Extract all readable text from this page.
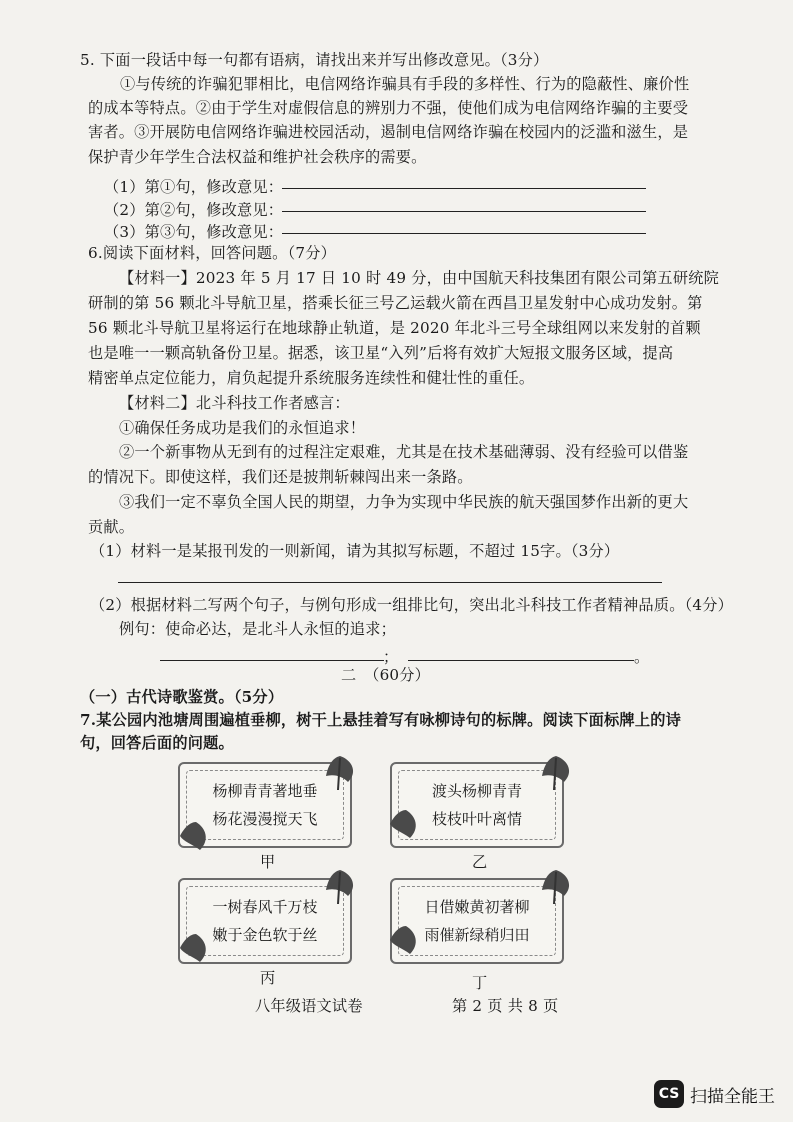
5. 下面一段话中每一句都有语病，请找出来并写出修改意见。（3分）
①与传统的诈骗犯罪相比，电信网络诈骗具有手段的多样性、行为的隐蔽性、廉价性
的成本等特点。②由于学生对虚假信息的辨别力不强，使他们成为电信网络诈骗的主要受
害者。③开展防电信网络诈骗进校园活动，遏制电信网络诈骗在校园内的泛滥和滋生，是
保护青少年学生合法权益和维护社会秩序的需要。
（1）第①句，修改意见：
（2）第②句，修改意见：
（3）第③句，修改意见：
6.阅读下面材料，回答问题。（7分）
【材料一】2023 年 5 月 17 日 10 时 49 分，由中国航天科技集团有限公司第五研统院
研制的第 56 颗北斗导航卫星，搭乘长征三号乙运载火箭在西昌卫星发射中心成功发射。第
56 颗北斗导航卫星将运行在地球静止轨道，是 2020 年北斗三号全球组网以来发射的首颗
也是唯一一颗高轨备份卫星。据悉，该卫星“入列”后将有效扩大短报文服务区域，提高
精密单点定位能力，肩负起提升系统服务连续性和健壮性的重任。
【材料二】北斗科技工作者感言：
①确保任务成功是我们的永恒追求！
②一个新事物从无到有的过程注定艰难，尤其是在技术基础薄弱、没有经验可以借鉴
的情况下。即使这样，我们还是披荆斩棘闯出来一条路。
③我们一定不辜负全国人民的期望，力争为实现中华民族的航天强国梦作出新的更大
贡献。
（1）材料一是某报刊发的一则新闻，请为其拟写标题，不超过 15字。（3分）
（2）根据材料二写两个句子，与例句形成一组排比句，突出北斗科技工作者精神品质。（4分）
例句：使命必达，是北斗人永恒的追求；
；	。
二　（60分）
（一）古代诗歌鉴赏。（5分）
7.某公园内池塘周围遍植垂柳，树干上悬挂着写有咏柳诗句的标牌。阅读下面标牌上的诗
句，回答后面的问题。
杨柳青青著地垂
杨花漫漫搅天飞
甲
渡头杨柳青青
枝枝叶叶离情
乙
一树春风千万枝
嫩于金色软于丝
丙
日借嫩黄初著柳
雨催新绿稍归田
丁
八年级语文试卷	第 2 页 共 8 页
CS 扫描全能王
